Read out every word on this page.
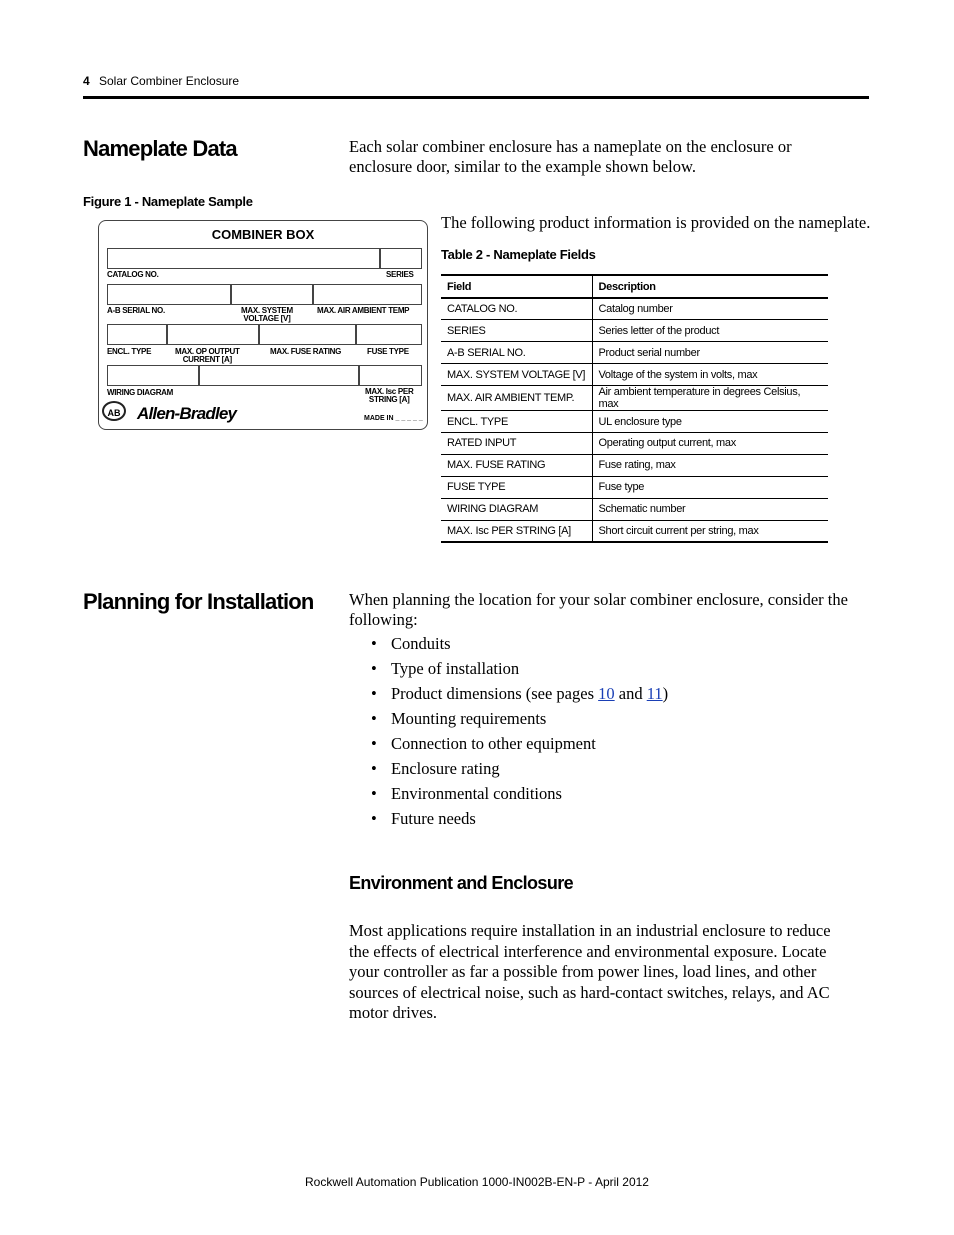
4 Solar Combiner Enclosure
Nameplate Data	Each solar combiner enclosure has a nameplate on the enclosure or enclosure door, similar to the example shown below.
Figure 1 - Nameplate Sample
COMBINER BOX
CATALOG NO.	SERIES
A-B SERIAL NO.	MAX. SYSTEM
VOLTAGE [V]
MAX. AIR AMBIENT TEMP
ENCL. TYPE	MAX. OP OUTPUT
CURRENT [A]
MAX. FUSE RATING	FUSE TYPE
WIRING DIAGRAM	MAX. Isc PER
STRING [A]
AB Allen-Bradley	MADE IN _ _ _ _ _
The following product information is provided on the nameplate.
Table 2 - Nameplate Fields
Field	Description
CATALOG NO.	Catalog number
SERIES	Series letter of the product
A-B SERIAL NO.	Product serial number
MAX. SYSTEM VOLTAGE [V]	Voltage of the system in volts, max
MAX. AIR AMBIENT TEMP.	Air ambient temperature in degrees Celsius, max
ENCL. TYPE	UL enclosure type
RATED INPUT	Operating output current, max
MAX. FUSE RATING	Fuse rating, max
FUSE TYPE	Fuse type
WIRING DIAGRAM	Schematic number
MAX. Isc PER STRING [A]	Short circuit current per string, max
Planning for Installation When planning the location for your solar combiner enclosure, consider the following:
• Conduits
• Type of installation
• Product dimensions (see pages 10 and 11)
• Mounting requirements
• Connection to other equipment
• Enclosure rating
• Environmental conditions
• Future needs
Environment and Enclosure
Most applications require installation in an industrial enclosure to reduce the effects of electrical interference and environmental exposure. Locate your controller as far a possible from power lines, load lines, and other sources of electrical noise, such as hard-contact switches, relays, and AC motor drives.
Rockwell Automation Publication 1000-IN002B-EN-P - April 2012
